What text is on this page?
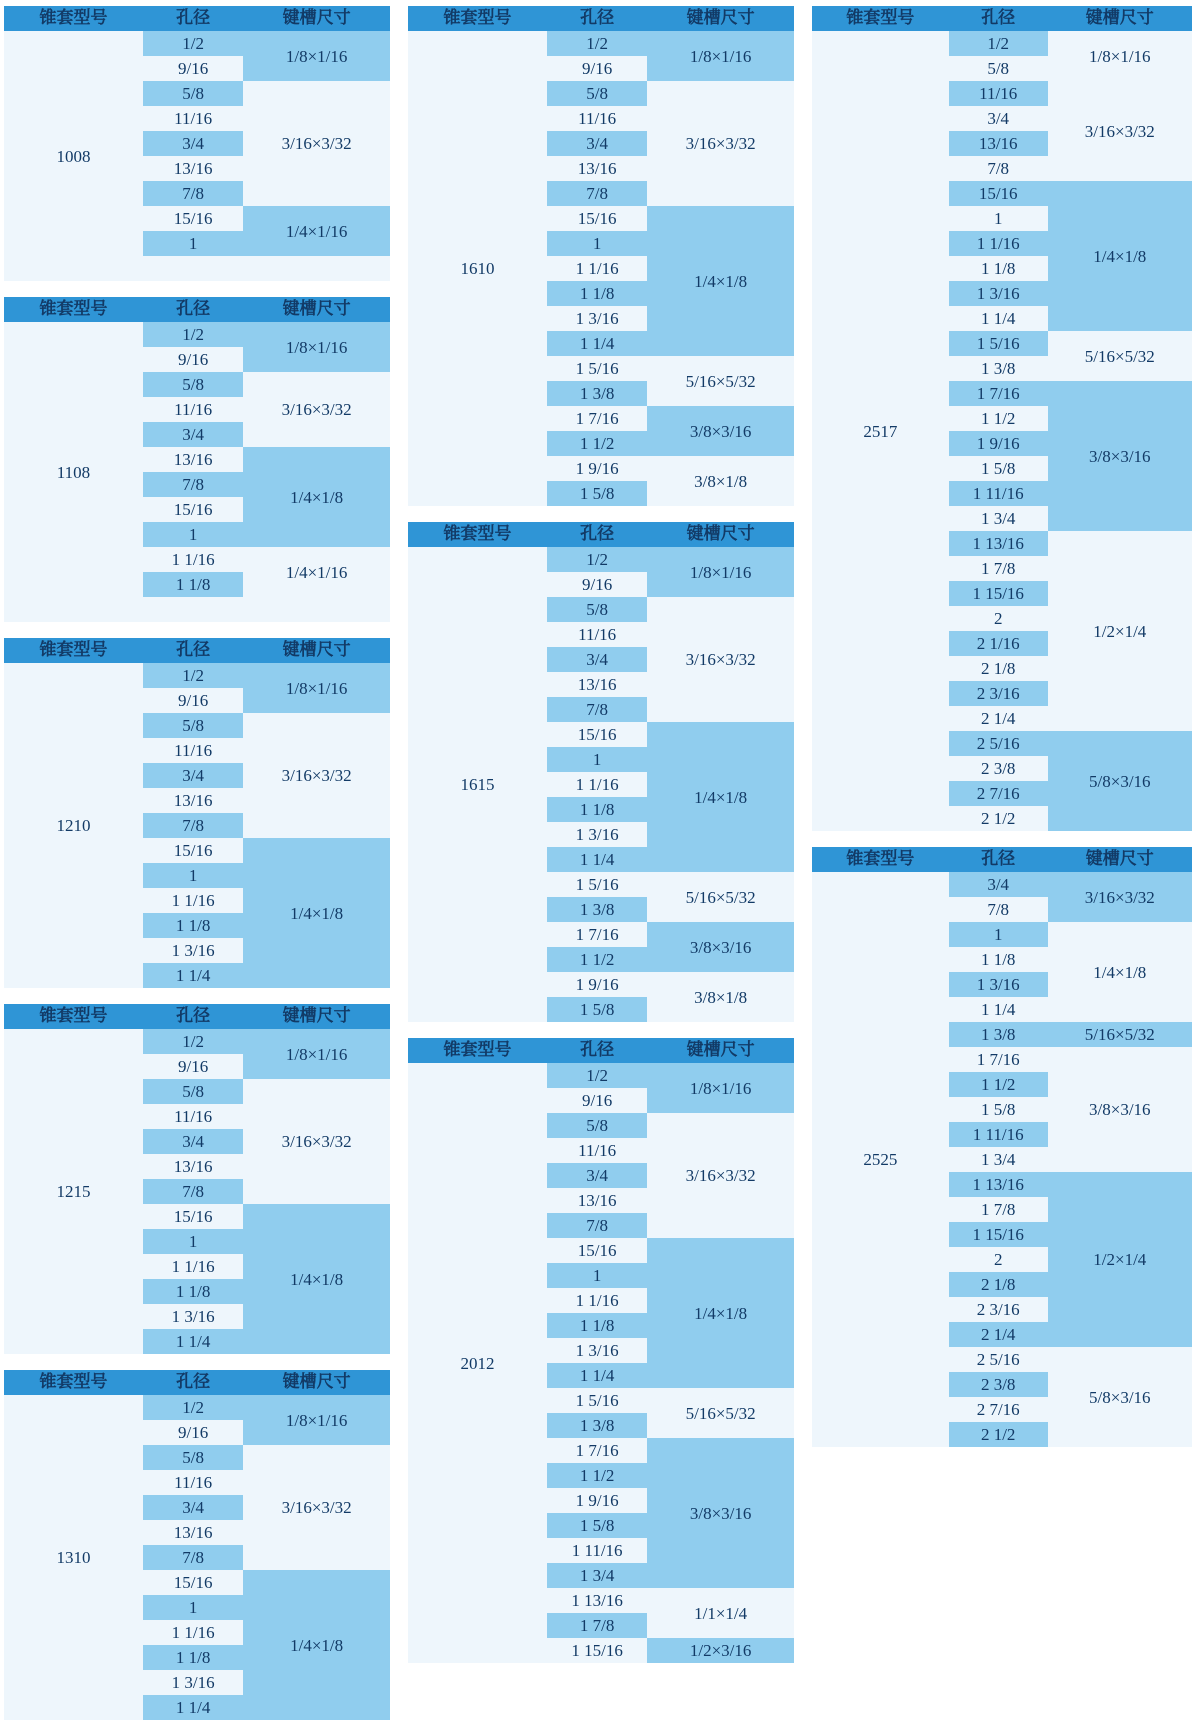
锥套型号	孔径	键槽尺寸
1008	1/2	1/8×1/16
	9/16	
	5/8	3/16×3/32
	11/16	
	3/4	
	13/16	
	7/8	
	15/16	1/4×1/16
	1	

锥套型号	孔径	键槽尺寸
1108	1/2	1/8×1/16
	9/16	
	5/8	3/16×3/32
	11/16	
	3/4	
	13/16	1/4×1/8
	7/8	
	15/16	
	1	
	1 1/16	1/4×1/16
	1 1/8	

锥套型号	孔径	键槽尺寸
1210	1/2	1/8×1/16
	9/16	
	5/8	3/16×3/32
	11/16	
	3/4	
	13/16	
	7/8	
	15/16	1/4×1/8
	1	
	1 1/16	
	1 1/8	
	1 3/16	
	1 1/4	
锥套型号	孔径	键槽尺寸
1215	1/2	1/8×1/16
	9/16	
	5/8	3/16×3/32
	11/16	
	3/4	
	13/16	
	7/8	
	15/16	1/4×1/8
	1	
	1 1/16	
	1 1/8	
	1 3/16	
	1 1/4	
锥套型号	孔径	键槽尺寸
1310	1/2	1/8×1/16
	9/16	
	5/8	3/16×3/32
	11/16	
	3/4	
	13/16	
	7/8	
	15/16	1/4×1/8
	1	
	1 1/16	
	1 1/8	
	1 3/16	
	1 1/4	
锥套型号	孔径	键槽尺寸
1610	1/2	1/8×1/16
	9/16	
	5/8	3/16×3/32
	11/16	
	3/4	
	13/16	
	7/8	
	15/16	1/4×1/8
	1	
	1 1/16	
	1 1/8	
	1 3/16	
	1 1/4	
	1 5/16	5/16×5/32
	1 3/8	
	1 7/16	3/8×3/16
	1 1/2	
	1 9/16	3/8×1/8
	1 5/8	
锥套型号	孔径	键槽尺寸
1615	1/2	1/8×1/16
	9/16	
	5/8	3/16×3/32
	11/16	
	3/4	
	13/16	
	7/8	
	15/16	1/4×1/8
	1	
	1 1/16	
	1 1/8	
	1 3/16	
	1 1/4	
	1 5/16	5/16×5/32
	1 3/8	
	1 7/16	3/8×3/16
	1 1/2	
	1 9/16	3/8×1/8
	1 5/8	
锥套型号	孔径	键槽尺寸
2012	1/2	1/8×1/16
	9/16	
	5/8	3/16×3/32
	11/16	
	3/4	
	13/16	
	7/8	
	15/16	1/4×1/8
	1	
	1 1/16	
	1 1/8	
	1 3/16	
	1 1/4	
	1 5/16	5/16×5/32
	1 3/8	
	1 7/16	3/8×3/16
	1 1/2	
	1 9/16	
	1 5/8	
	1 11/16	
	1 3/4	
	1 13/16	1/1×1/4
	1 7/8	
	1 15/16	1/2×3/16
锥套型号	孔径	键槽尺寸
2517	1/2	1/8×1/16
	5/8	
	11/16	3/16×3/32
	3/4	
	13/16	
	7/8	
	15/16	1/4×1/8
	1	
	1 1/16	
	1 1/8	
	1 3/16	
	1 1/4	
	1 5/16	5/16×5/32
	1 3/8	
	1 7/16	3/8×3/16
	1 1/2	
	1 9/16	
	1 5/8	
	1 11/16	
	1 3/4	
	1 13/16	1/2×1/4
	1 7/8	
	1 15/16	
	2	
	2 1/16	
	2 1/8	
	2 3/16	
	2 1/4	
	2 5/16	5/8×3/16
	2 3/8	
	2 7/16	
	2 1/2	
锥套型号	孔径	键槽尺寸
2525	3/4	3/16×3/32
	7/8	
	1	1/4×1/8
	1 1/8	
	1 3/16	
	1 1/4	
	1 3/8	5/16×5/32
	1 7/16	3/8×3/16
	1 1/2	
	1 5/8	
	1 11/16	
	1 3/4	
	1 13/16	1/2×1/4
	1 7/8	
	1 15/16	
	2	
	2 1/8	
	2 3/16	
	2 1/4	
	2 5/16	5/8×3/16
	2 3/8	
	2 7/16	
	2 1/2	
